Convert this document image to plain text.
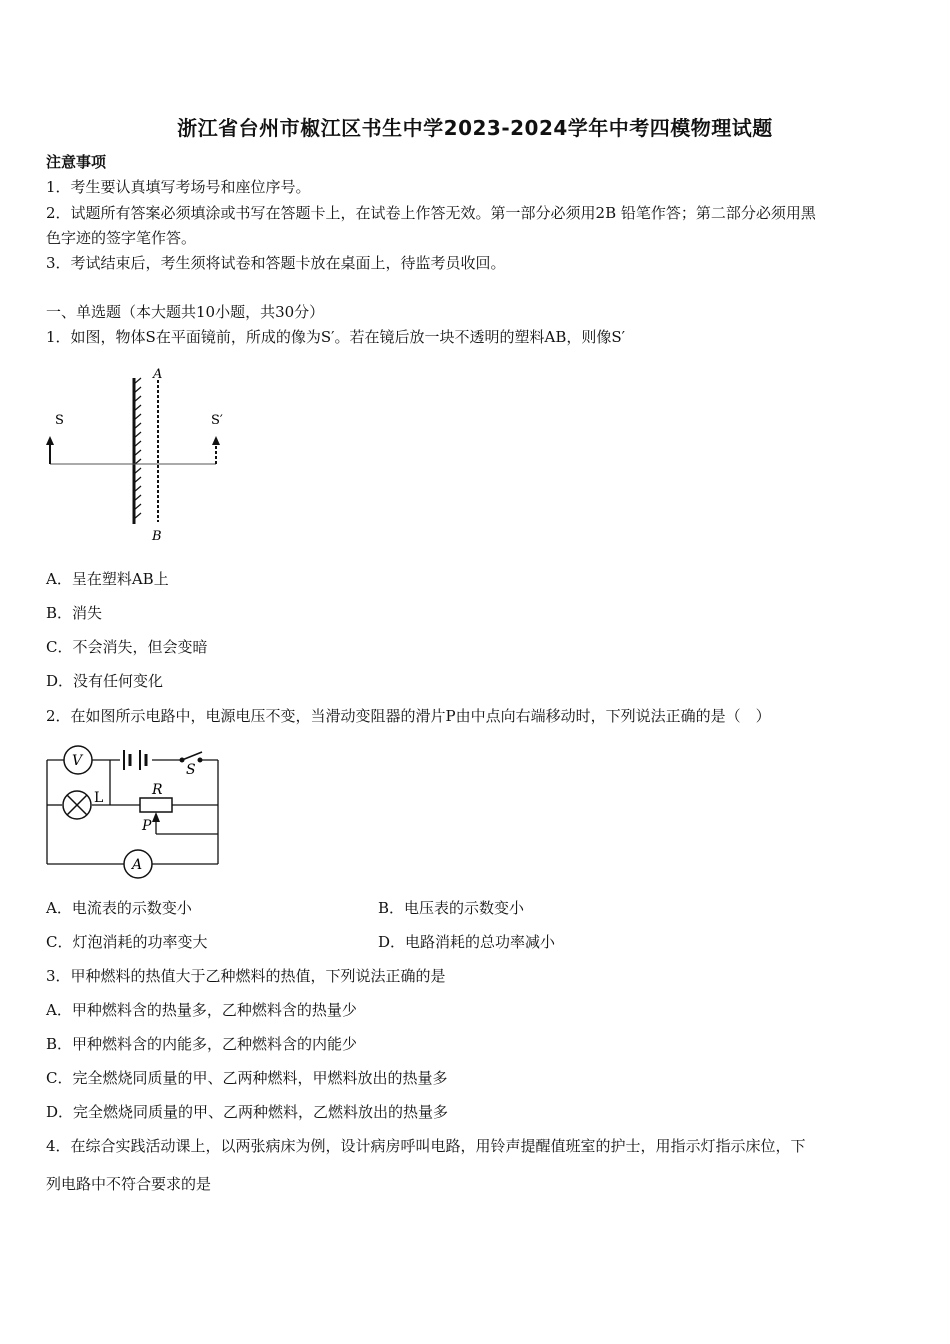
浙江省台州市椒江区书生中学2023-2024学年中考四模物理试题
注意事项
1．考生要认真填写考场号和座位序号。
2．试题所有答案必须填涂或书写在答题卡上，在试卷上作答无效。第一部分必须用2B 铅笔作答；第二部分必须用黑
色字迹的签字笔作答。
3．考试结束后，考生须将试卷和答题卡放在桌面上，待监考员收回。
一、单选题（本大题共10小题，共30分）
1．如图，物体S在平面镜前，所成的像为S′。若在镜后放一块不透明的塑料AB，则像S′
A
B
S	S′
A．呈在塑料AB上
B．消失
C．不会消失，但会变暗
D．没有任何变化
2．在如图所示电路中，电源电压不变，当滑动变阻器的滑片P由中点向右端移动时，下列说法正确的是（　）
V
S
L	R
P
A
A．电流表的示数变小	B．电压表的示数变小
C．灯泡消耗的功率变大	D．电路消耗的总功率减小
3．甲种燃料的热值大于乙种燃料的热值，下列说法正确的是
A．甲种燃料含的热量多，乙种燃料含的热量少
B．甲种燃料含的内能多，乙种燃料含的内能少
C．完全燃烧同质量的甲、乙两种燃料，甲燃料放出的热量多
D．完全燃烧同质量的甲、乙两种燃料，乙燃料放出的热量多
4．在综合实践活动课上，以两张病床为例，设计病房呼叫电路，用铃声提醒值班室的护士，用指示灯指示床位，下
列电路中不符合要求的是
